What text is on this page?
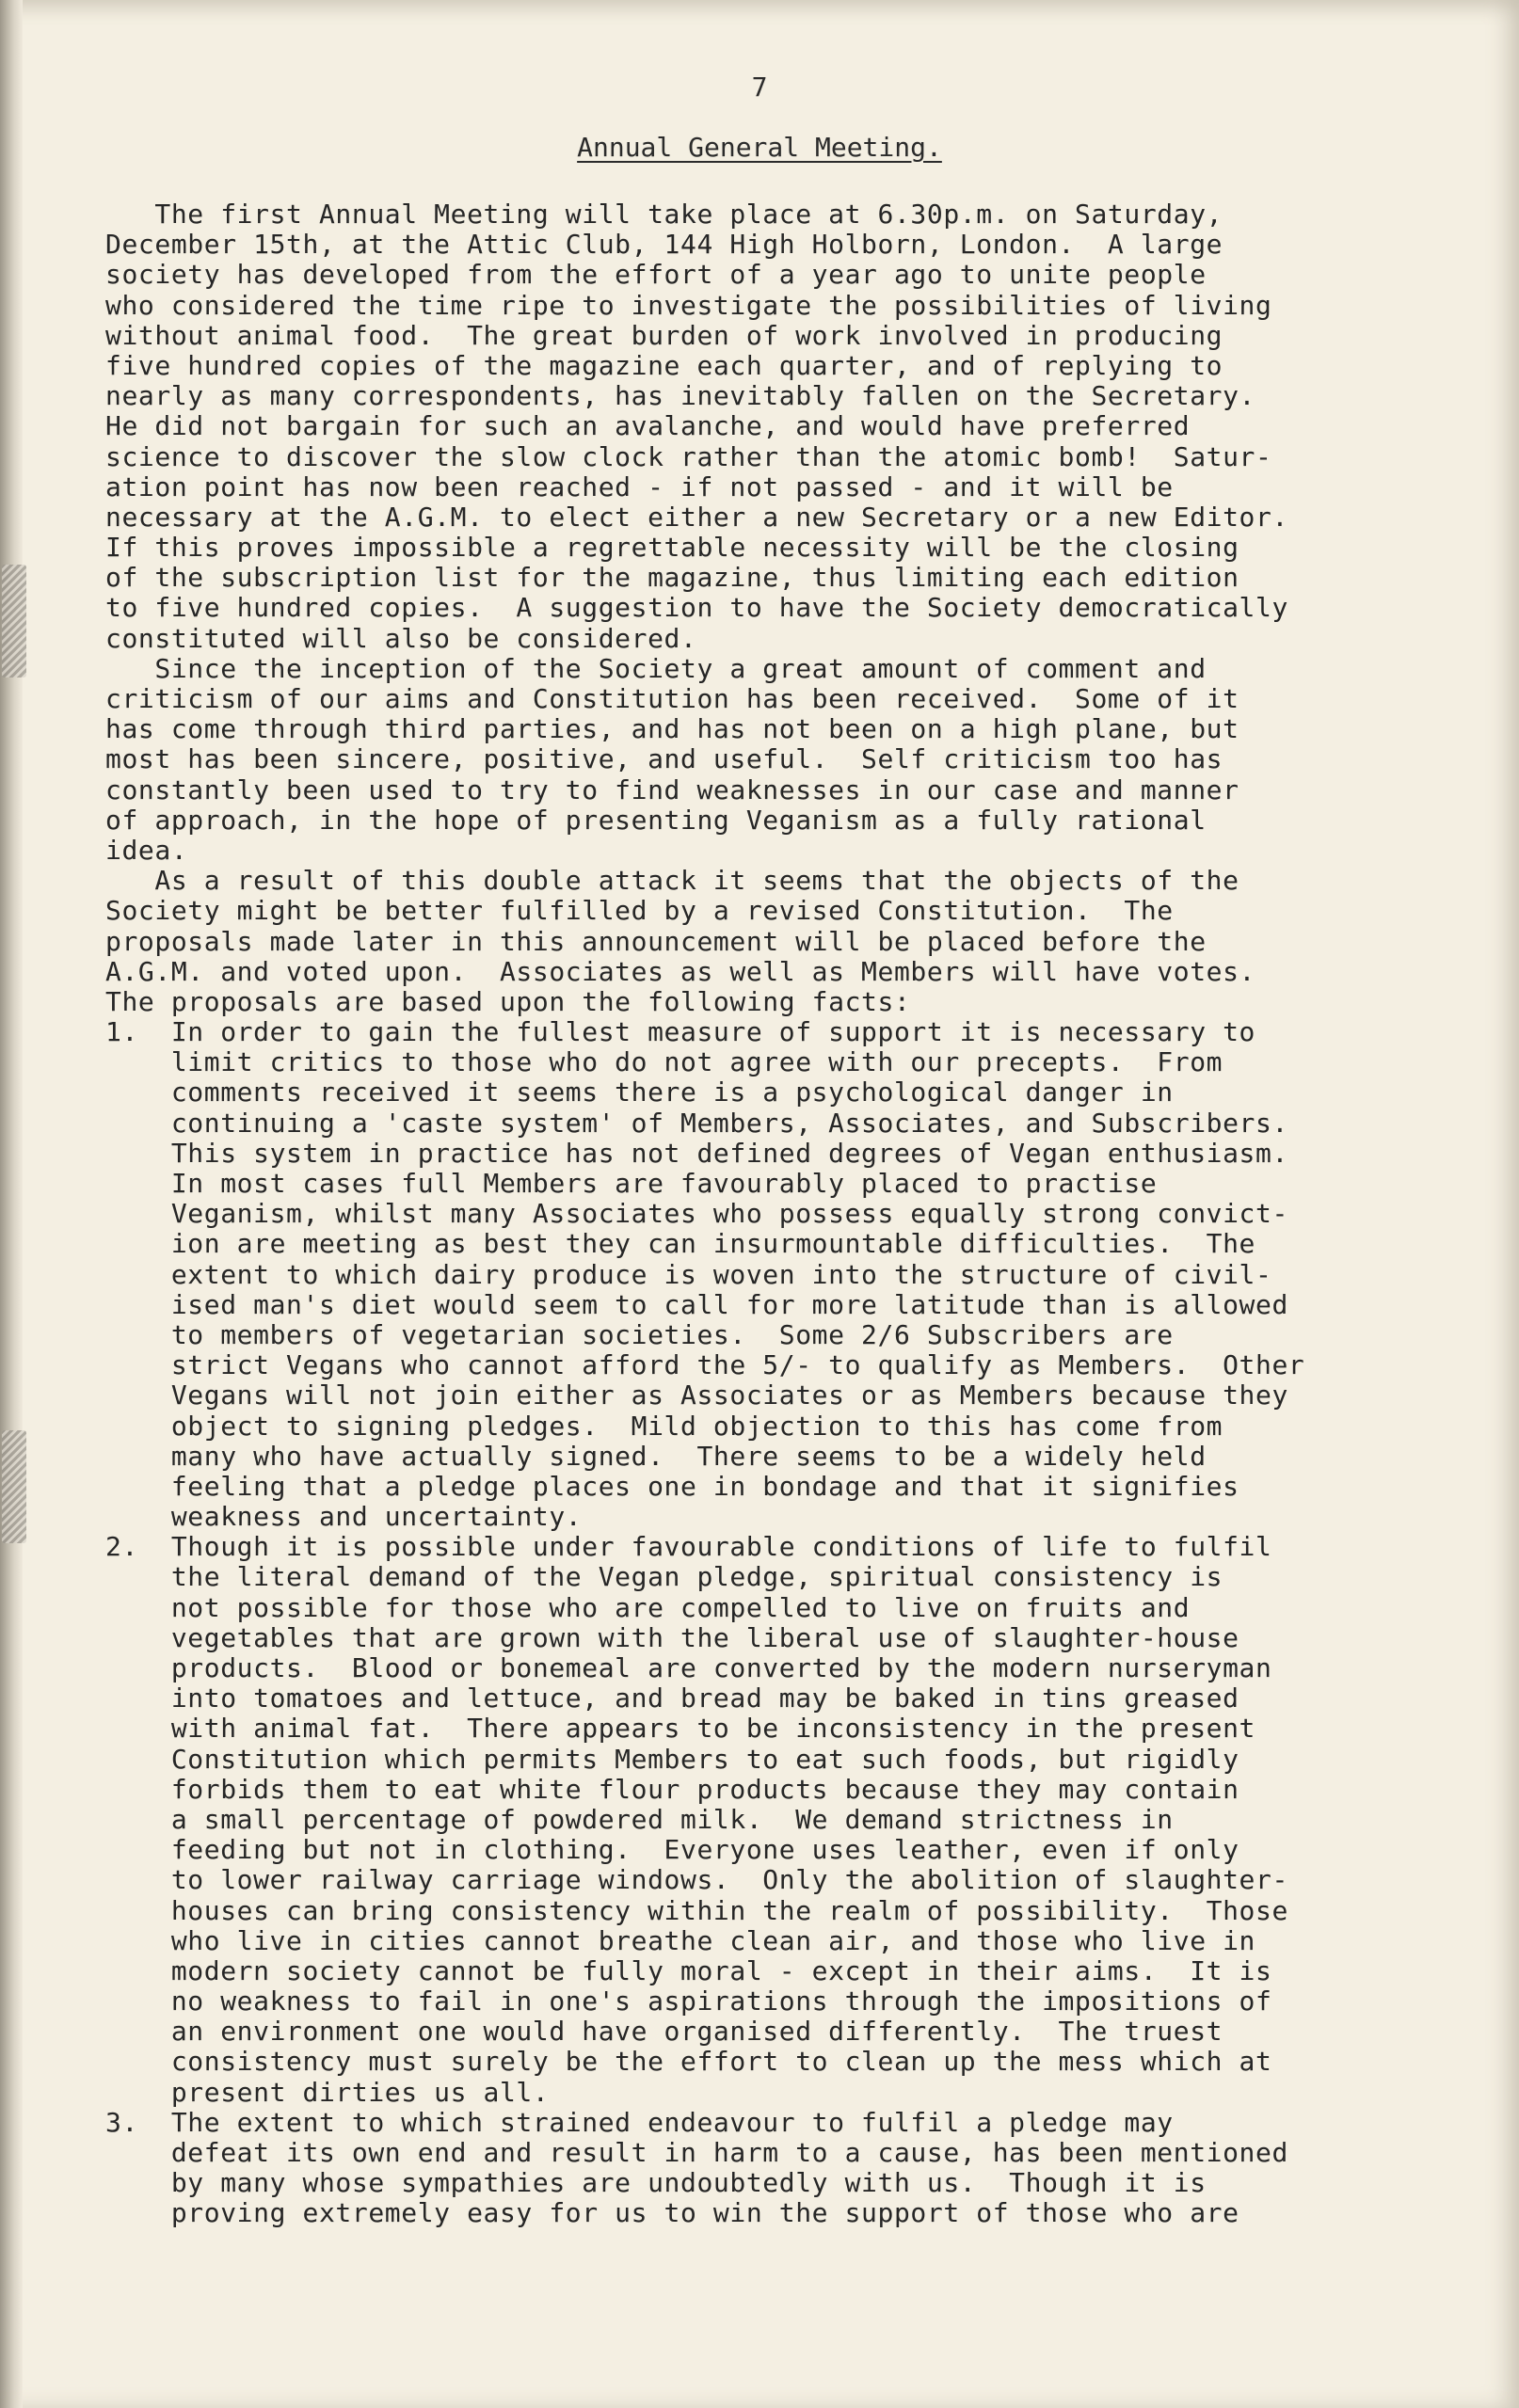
7
Annual General Meeting.
The first Annual Meeting will take place at 6.30p.m. on Saturday,
December 15th, at the Attic Club, 144 High Holborn, London.  A large
society has developed from the effort of a year ago to unite people
who considered the time ripe to investigate the possibilities of living
without animal food.  The great burden of work involved in producing
five hundred copies of the magazine each quarter, and of replying to
nearly as many correspondents, has inevitably fallen on the Secretary.
He did not bargain for such an avalanche, and would have preferred
science to discover the slow clock rather than the atomic bomb!  Satur-
ation point has now been reached - if not passed - and it will be
necessary at the A.G.M. to elect either a new Secretary or a new Editor.
If this proves impossible a regrettable necessity will be the closing
of the subscription list for the magazine, thus limiting each edition
to five hundred copies.  A suggestion to have the Society democratically
constituted will also be considered.
Since the inception of the Society a great amount of comment and
criticism of our aims and Constitution has been received.  Some of it
has come through third parties, and has not been on a high plane, but
most has been sincere, positive, and useful.  Self criticism too has
constantly been used to try to find weaknesses in our case and manner
of approach, in the hope of presenting Veganism as a fully rational
idea.
As a result of this double attack it seems that the objects of the
Society might be better fulfilled by a revised Constitution.  The
proposals made later in this announcement will be placed before the
A.G.M. and voted upon.  Associates as well as Members will have votes.
The proposals are based upon the following facts:
1.  In order to gain the fullest measure of support it is necessary to
limit critics to those who do not agree with our precepts.  From
comments received it seems there is a psychological danger in
continuing a 'caste system' of Members, Associates, and Subscribers.
This system in practice has not defined degrees of Vegan enthusiasm.
In most cases full Members are favourably placed to practise
Veganism, whilst many Associates who possess equally strong convict-
ion are meeting as best they can insurmountable difficulties.  The
extent to which dairy produce is woven into the structure of civil-
ised man's diet would seem to call for more latitude than is allowed
to members of vegetarian societies.  Some 2/6 Subscribers are
strict Vegans who cannot afford the 5/- to qualify as Members.  Other
Vegans will not join either as Associates or as Members because they
object to signing pledges.  Mild objection to this has come from
many who have actually signed.  There seems to be a widely held
feeling that a pledge places one in bondage and that it signifies
weakness and uncertainty.
2.  Though it is possible under favourable conditions of life to fulfil
the literal demand of the Vegan pledge, spiritual consistency is
not possible for those who are compelled to live on fruits and
vegetables that are grown with the liberal use of slaughter-house
products.  Blood or bonemeal are converted by the modern nurseryman
into tomatoes and lettuce, and bread may be baked in tins greased
with animal fat.  There appears to be inconsistency in the present
Constitution which permits Members to eat such foods, but rigidly
forbids them to eat white flour products because they may contain
a small percentage of powdered milk.  We demand strictness in
feeding but not in clothing.  Everyone uses leather, even if only
to lower railway carriage windows.  Only the abolition of slaughter-
houses can bring consistency within the realm of possibility.  Those
who live in cities cannot breathe clean air, and those who live in
modern society cannot be fully moral - except in their aims.  It is
no weakness to fail in one's aspirations through the impositions of
an environment one would have organised differently.  The truest
consistency must surely be the effort to clean up the mess which at
present dirties us all.
3.  The extent to which strained endeavour to fulfil a pledge may
defeat its own end and result in harm to a cause, has been mentioned
by many whose sympathies are undoubtedly with us.  Though it is
proving extremely easy for us to win the support of those who are
